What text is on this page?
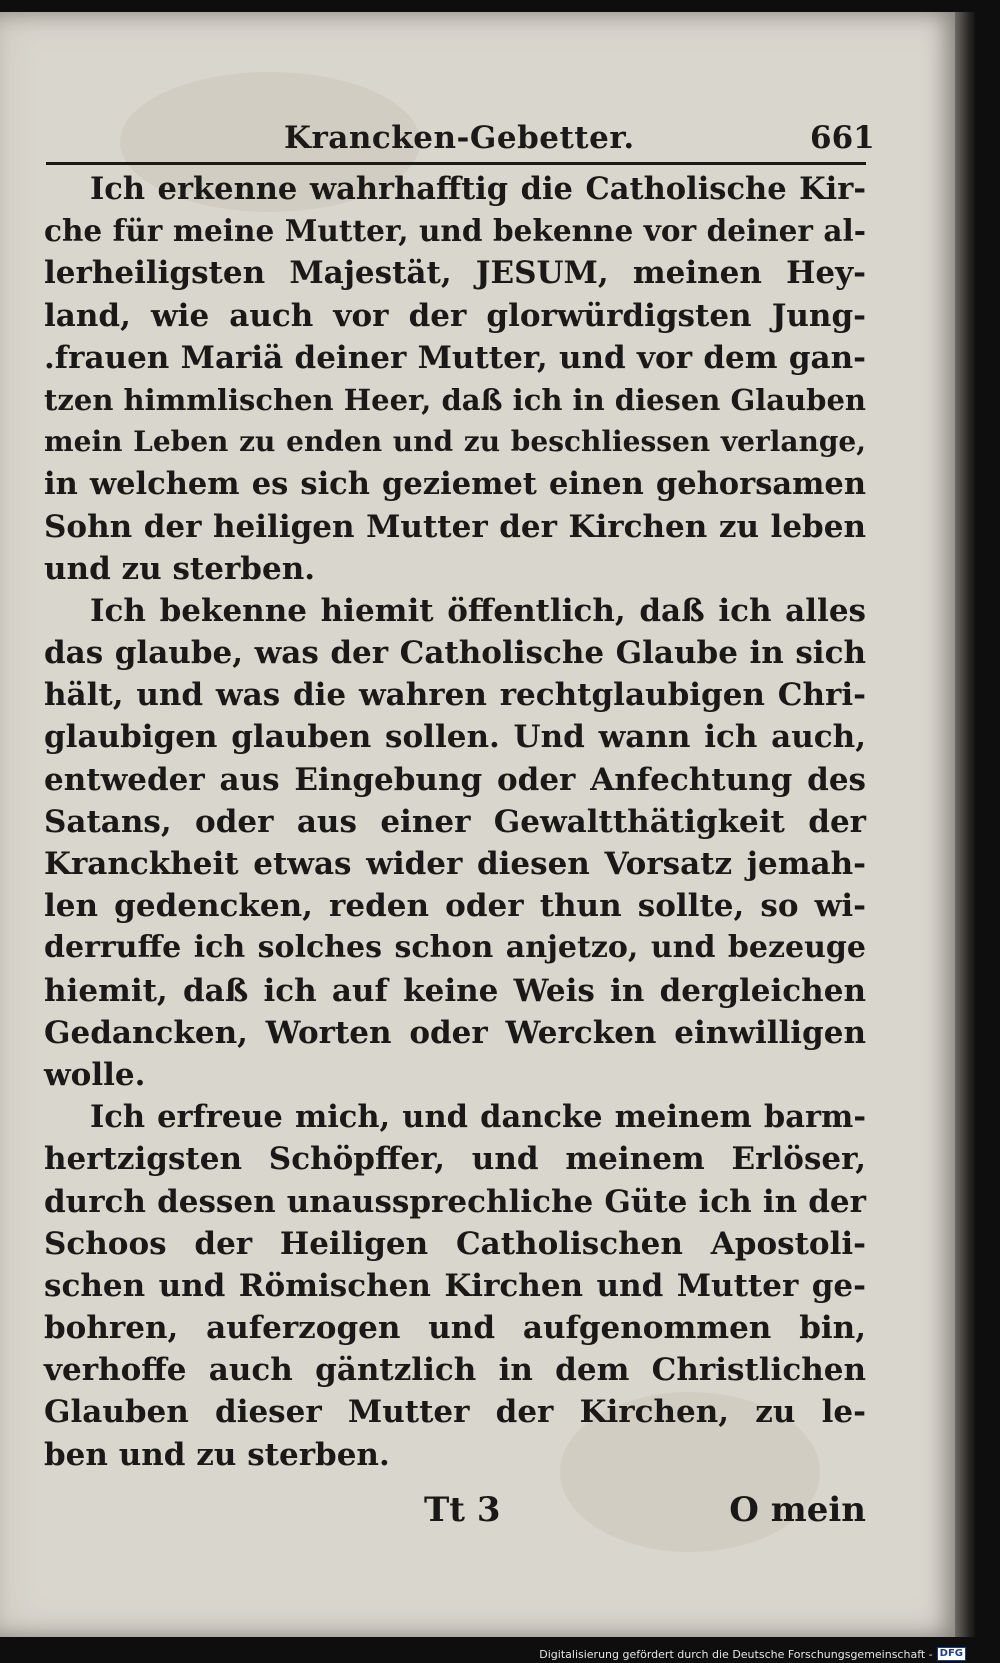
Krancken-Gebetter.	661
Ich erkenne wahrhafftig die Catholische Kir-
che für meine Mutter, und bekenne vor deiner al-
lerheiligsten Majestät, JESUM, meinen Hey-
land, wie auch vor der glorwürdigsten Jung-
.frauen Mariä deiner Mutter, und vor dem gan-
tzen himmlischen Heer, daß ich in diesen Glauben
mein Leben zu enden und zu beschliessen verlange,
in welchem es sich geziemet einen gehorsamen
Sohn der heiligen Mutter der Kirchen zu leben
und zu sterben.
Ich bekenne hiemit öffentlich, daß ich alles
das glaube, was der Catholische Glaube in sich
hält, und was die wahren rechtglaubigen Chri-
glaubigen glauben sollen. Und wann ich auch,
entweder aus Eingebung oder Anfechtung des
Satans, oder aus einer Gewaltthätigkeit der
Kranckheit etwas wider diesen Vorsatz jemah-
len gedencken, reden oder thun sollte, so wi-
derruffe ich solches schon anjetzo, und bezeuge
hiemit, daß ich auf keine Weis in dergleichen
Gedancken, Worten oder Wercken einwilligen
wolle.
Ich erfreue mich, und dancke meinem barm-
hertzigsten Schöpffer, und meinem Erlöser,
durch dessen unaussprechliche Güte ich in der
Schoos der Heiligen Catholischen Apostoli-
schen und Römischen Kirchen und Mutter ge-
bohren, auferzogen und aufgenommen bin,
verhoffe auch gäntzlich in dem Christlichen
Glauben dieser Mutter der Kirchen, zu le-
ben und zu sterben.
Tt 3	O mein
Digitalisierung gefördert durch die Deutsche Forschungsgemeinschaft - DFG
